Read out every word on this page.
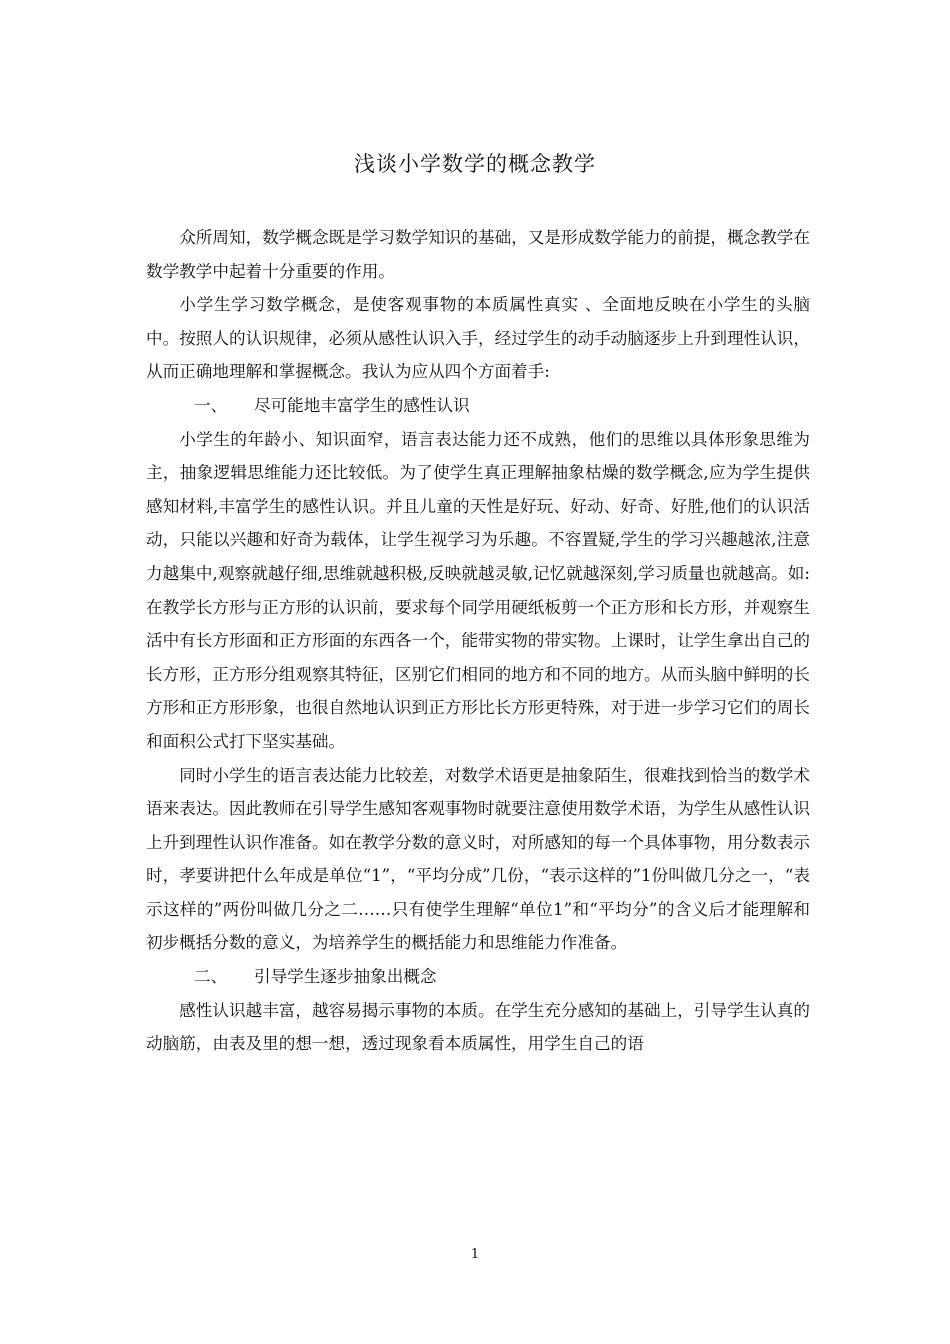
浅谈小学数学的概念教学

众所周知，数学概念既是学习数学知识的基础，又是形成数学能力的前提，概念教学在数学教学中起着十分重要的作用。

小学生学习数学概念，是使客观事物的本质属性真实 、全面地反映在小学生的头脑中。按照人的认识规律，必须从感性认识入手，经过学生的动手动脑逐步上升到理性认识，从而正确地理解和掌握概念。我认为应从四个方面着手:

一、 尽可能地丰富学生的感性认识

小学生的年龄小、知识面窄，语言表达能力还不成熟，他们的思维以具体形象思维为主，抽象逻辑思维能力还比较低。为了使学生真正理解抽象枯燥的数学概念,应为学生提供感知材料,丰富学生的感性认识。并且儿童的天性是好玩、好动、好奇、好胜,他们的认识活动，只能以兴趣和好奇为载体，让学生视学习为乐趣。不容置疑,学生的学习兴趣越浓,注意力越集中,观察就越仔细,思维就越积极,反映就越灵敏,记忆就越深刻,学习质量也就越高。如: 在教学长方形与正方形的认识前，要求每个同学用硬纸板剪一个正方形和长方形，并观察生活中有长方形面和正方形面的东西各一个，能带实物的带实物。上课时，让学生拿出自己的长方形，正方形分组观察其特征，区别它们相同的地方和不同的地方。从而头脑中鲜明的长方形和正方形形象，也很自然地认识到正方形比长方形更特殊，对于进一步学习它们的周长和面积公式打下坚实基础。

同时小学生的语言表达能力比较差，对数学术语更是抽象陌生，很难找到恰当的数学术语来表达。因此教师在引导学生感知客观事物时就要注意使用数学术语，为学生从感性认识上升到理性认识作准备。如在教学分数的意义时，对所感知的每一个具体事物，用分数表示时，孝要讲把什么年成是单位“1”，“平均分成”几份，“表示这样的”1份叫做几分之一，“表示这样的”两份叫做几分之二……只有使学生理解“单位1”和“平均分”的含义后才能理解和初步概括分数的意义，为培养学生的概括能力和思维能力作准备。

二、 引导学生逐步抽象出概念

感性认识越丰富，越容易揭示事物的本质。在学生充分感知的基础上，引导学生认真的动脑筋，由表及里的想一想，透过现象看本质属性，用学生自己的语

1
